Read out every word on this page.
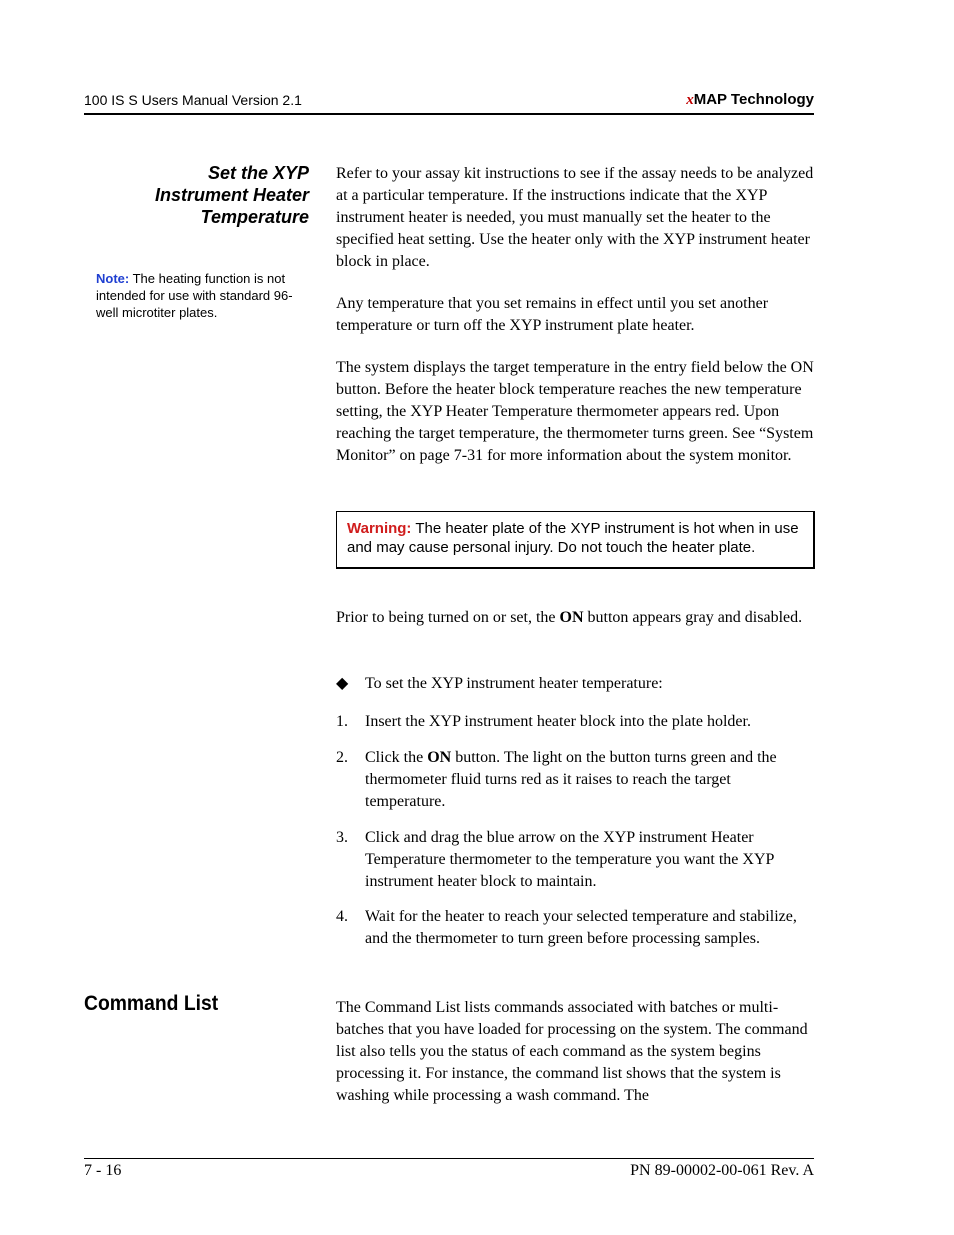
100 IS S Users Manual Version 2.1	xMAP Technology
Set the XYP
Instrument Heater
Temperature
Note: The heating function is not intended for use with standard 96-well microtiter plates.

Refer to your assay kit instructions to see if the assay needs to be analyzed at a particular temperature. If the instructions indicate that the XYP instrument heater is needed, you must manually set the heater to the specified heat setting. Use the heater only with the XYP instrument heater block in place.

Any temperature that you set remains in effect until you set another temperature or turn off the XYP instrument plate heater.

The system displays the target temperature in the entry field below the ON button. Before the heater block temperature reaches the new temperature setting, the XYP Heater Temperature thermometer appears red. Upon reaching the target temperature, the thermometer turns green. See “System Monitor” on page 7-31 for more information about the system monitor.

Warning: The heater plate of the XYP instrument is hot when in use and may cause personal injury. Do not touch the heater plate.
Prior to being turned on or set, the ON button appears gray and disabled.
◆ To set the XYP instrument heater temperature:
1. Insert the XYP instrument heater block into the plate holder.
2. Click the ON button. The light on the button turns green and the thermometer fluid turns red as it raises to reach the target temperature.
3. Click and drag the blue arrow on the XYP instrument Heater Temperature thermometer to the temperature you want the XYP instrument heater block to maintain.
4. Wait for the heater to reach your selected temperature and stabilize, and the thermometer to turn green before processing samples.
Command List	The Command List lists commands associated with batches or multi-batches that you have loaded for processing on the system. The command list also tells you the status of each command as the system begins processing it. For instance, the command list shows that the system is washing while processing a wash command. The

7 - 16	PN 89-00002-00-061 Rev. A
